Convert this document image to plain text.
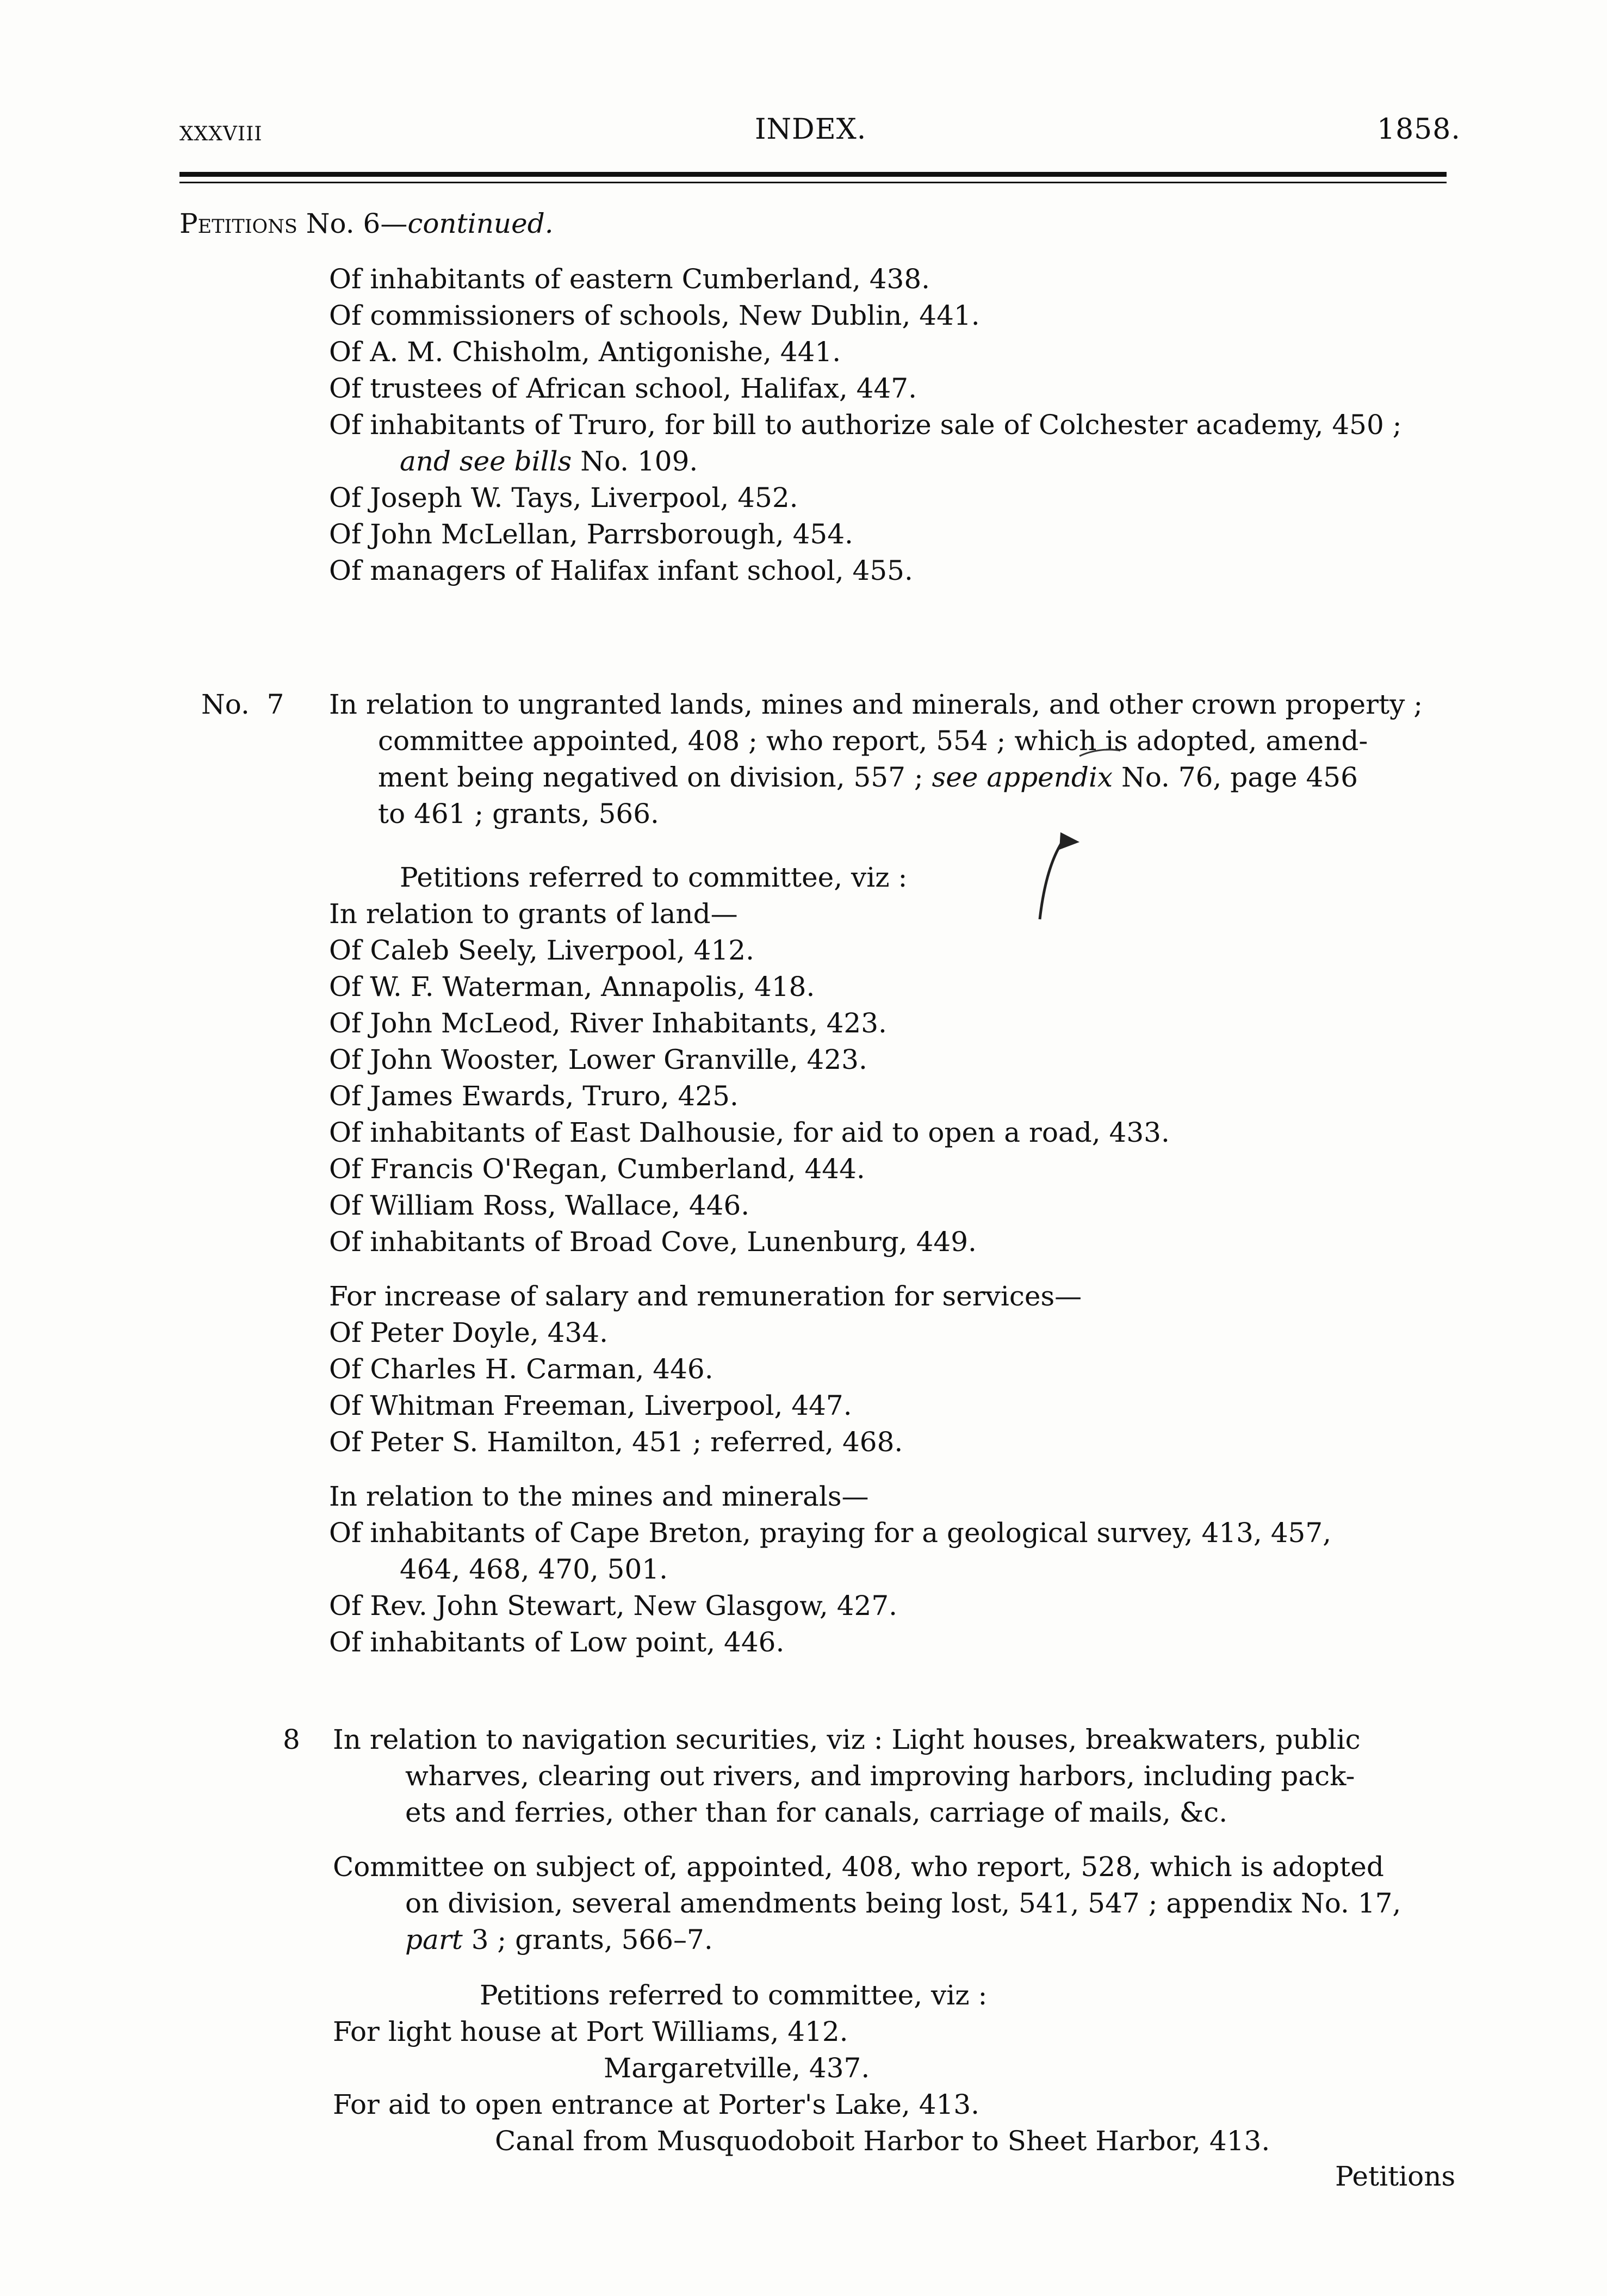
xxxviii	INDEX.	1858.
Petitions No. 6—continued.
Of inhabitants of eastern Cumberland, 438.
Of commissioners of schools, New Dublin, 441.
Of A. M. Chisholm, Antigonishe, 441.
Of trustees of African school, Halifax, 447.
Of inhabitants of Truro, for bill to authorize sale of Colchester academy, 450 ;
and see bills No. 109.
Of Joseph W. Tays, Liverpool, 452.
Of John McLellan, Parrsborough, 454.
Of managers of Halifax infant school, 455.
No.  7 In relation to ungranted lands, mines and minerals, and other crown property ;
committee appointed, 408 ; who report, 554 ; which is adopted, amend-
ment being negatived on division, 557 ; see appendix No. 76, page 456
to 461 ; grants, 566.
Petitions referred to committee, viz :
In relation to grants of land—
Of Caleb Seely, Liverpool, 412.
Of W. F. Waterman, Annapolis, 418.
Of John McLeod, River Inhabitants, 423.
Of John Wooster, Lower Granville, 423.
Of James Ewards, Truro, 425.
Of inhabitants of East Dalhousie, for aid to open a road, 433.
Of Francis O'Regan, Cumberland, 444.
Of William Ross, Wallace, 446.
Of inhabitants of Broad Cove, Lunenburg, 449.
For increase of salary and remuneration for services—
Of Peter Doyle, 434.
Of Charles H. Carman, 446.
Of Whitman Freeman, Liverpool, 447.
Of Peter S. Hamilton, 451 ; referred, 468.
In relation to the mines and minerals—
Of inhabitants of Cape Breton, praying for a geological survey, 413, 457,
464, 468, 470, 501.
Of Rev. John Stewart, New Glasgow, 427.
Of inhabitants of Low point, 446.
8 In relation to navigation securities, viz : Light houses, breakwaters, public
wharves, clearing out rivers, and improving harbors, including pack-
ets and ferries, other than for canals, carriage of mails, &c.
Committee on subject of, appointed, 408, who report, 528, which is adopted
on division, several amendments being lost, 541, 547 ; appendix No. 17,
part 3 ; grants, 566–7.
Petitions referred to committee, viz :
For light house at Port Williams, 412.
Margaretville, 437.
For aid to open entrance at Porter's Lake, 413.
Canal from Musquodoboit Harbor to Sheet Harbor, 413.
Petitions
